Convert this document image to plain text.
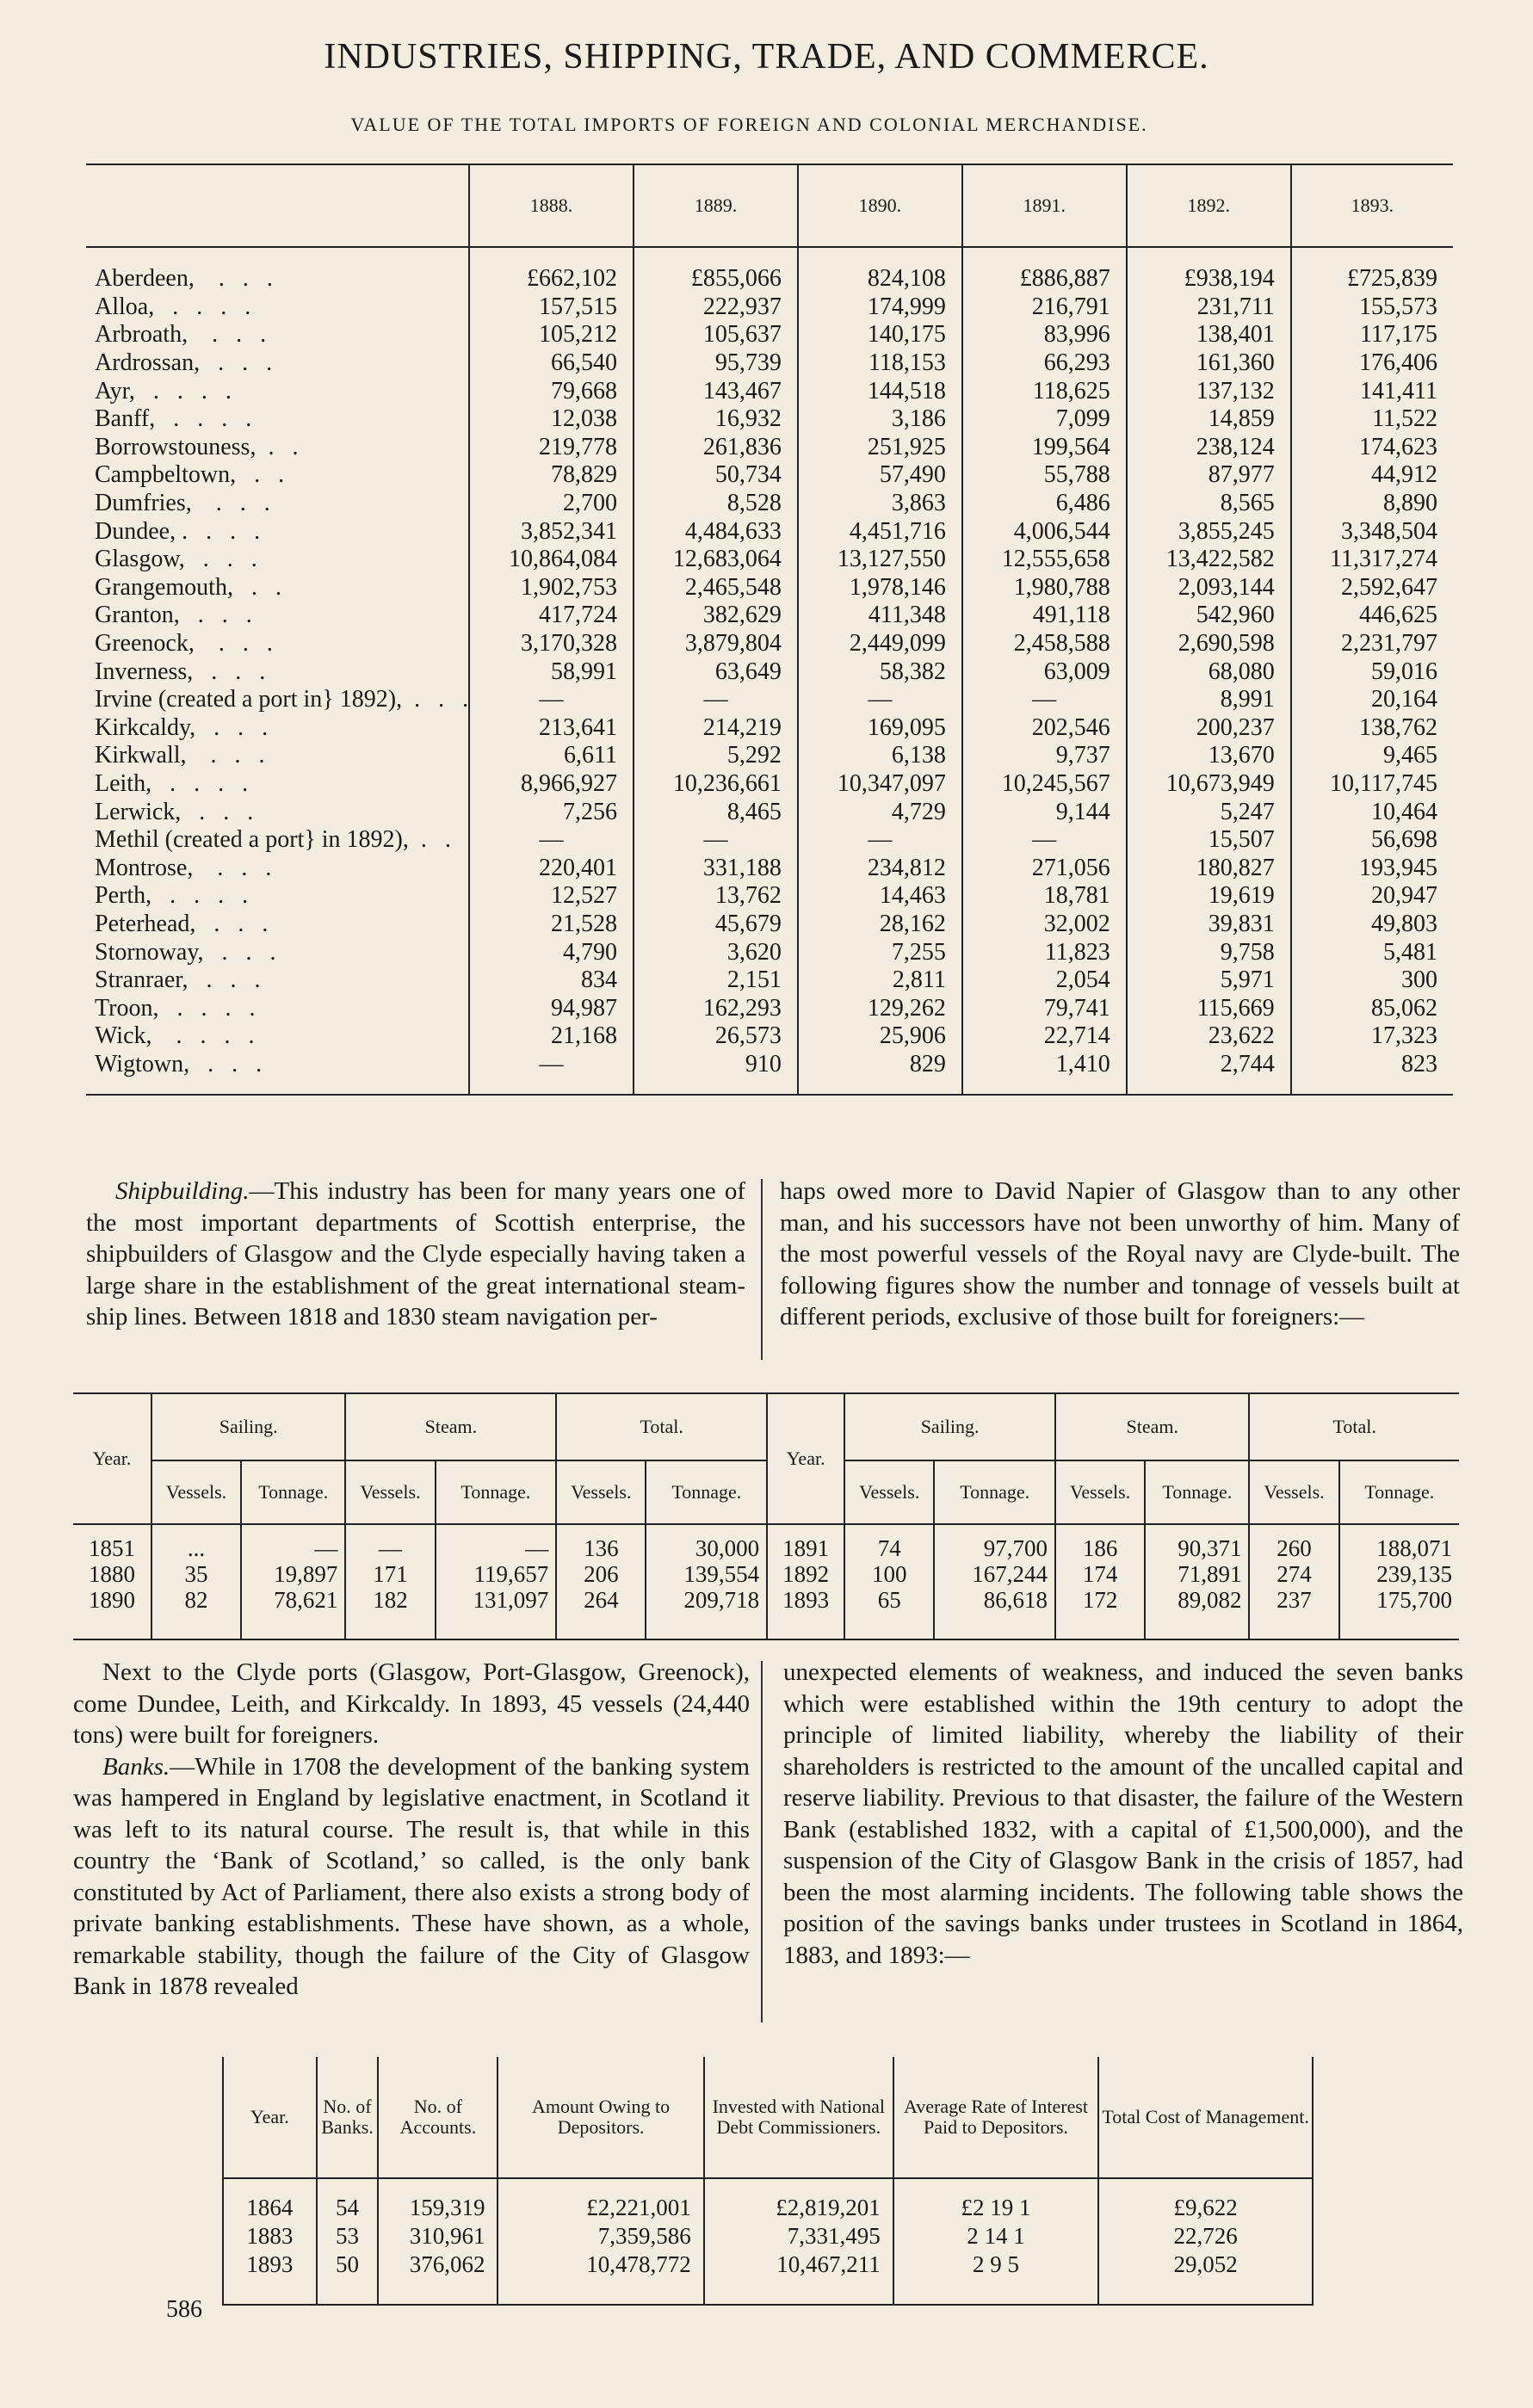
INDUSTRIES, SHIPPING, TRADE, AND COMMERCE.
VALUE OF THE TOTAL IMPORTS OF FOREIGN AND COLONIAL MERCHANDISE.
	1888.	1889.	1890.	1891.	1892.	1893.
Aberdeen,    .   .   .	£662,102	£855,066	824,108	£886,887	£938,194	£725,839
Alloa,   .   .   .   .	157,515	222,937	174,999	216,791	231,711	155,573
Arbroath,    .   .   .	105,212	105,637	140,175	83,996	138,401	117,175
Ardrossan,   .   .   .	66,540	95,739	118,153	66,293	161,360	176,406
Ayr,   .   .   .   .	79,668	143,467	144,518	118,625	137,132	141,411
Banff,   .   .   .   .	12,038	16,932	3,186	7,099	14,859	11,522
Borrowstouness,  .   .	219,778	261,836	251,925	199,564	238,124	174,623
Campbeltown,   .   .	78,829	50,734	57,490	55,788	87,977	44,912
Dumfries,    .   .   .	2,700	8,528	3,863	6,486	8,565	8,890
Dundee, .   .   .   .	3,852,341	4,484,633	4,451,716	4,006,544	3,855,245	3,348,504
Glasgow,   .   .   .	10,864,084	12,683,064	13,127,550	12,555,658	13,422,582	11,317,274
Grangemouth,   .   .	1,902,753	2,465,548	1,978,146	1,980,788	2,093,144	2,592,647
Granton,   .   .   .	417,724	382,629	411,348	491,118	542,960	446,625
Greenock,    .   .   .	3,170,328	3,879,804	2,449,099	2,458,588	2,690,598	2,231,797
Inverness,   .   .   .	58,991	63,649	58,382	63,009	68,080	59,016
Irvine (created a port in} 1892),  .   .   .	—	—	—	—	8,991	20,164
Kirkcaldy,   .   .   .	213,641	214,219	169,095	202,546	200,237	138,762
Kirkwall,    .   .   .	6,611	5,292	6,138	9,737	13,670	9,465
Leith,   .   .   .   .	8,966,927	10,236,661	10,347,097	10,245,567	10,673,949	10,117,745
Lerwick,   .   .   .	7,256	8,465	4,729	9,144	5,247	10,464
Methil (created a port} in 1892),  .   .	—	—	—	—	15,507	56,698
Montrose,    .   .   .	220,401	331,188	234,812	271,056	180,827	193,945
Perth,   .   .   .   .	12,527	13,762	14,463	18,781	19,619	20,947
Peterhead,   .   .   .	21,528	45,679	28,162	32,002	39,831	49,803
Stornoway,   .   .   .	4,790	3,620	7,255	11,823	9,758	5,481
Stranraer,   .   .   .	834	2,151	2,811	2,054	5,971	300
Troon,   .   .   .   .	94,987	162,293	129,262	79,741	115,669	85,062
Wick,    .   .   .   .	21,168	26,573	25,906	22,714	23,622	17,323
Wigtown,   .   .   .	—	910	829	1,410	2,744	823

Shipbuilding.—This industry has been for many years one of the most important departments of Scottish enterprise, the shipbuilders of Glasgow and the Clyde especially having taken a large share in the establishment of the great international steam-ship lines. Between 1818 and 1830 steam navigation per-

haps owed more to David Napier of Glasgow than to any other man, and his successors have not been unworthy of him. Many of the most powerful vessels of the Royal navy are Clyde-built. The following figures show the number and tonnage of vessels built at different periods, exclusive of those built for foreigners:—

Year.	Sailing.		Steam.		Total.		Year.	Sailing.		Steam.		Total.	
	Vessels.	Tonnage.	Vessels.	Tonnage.	Vessels.	Tonnage.		Vessels.	Tonnage.	Vessels.	Tonnage.	Vessels.	Tonnage.
1851	...	—	—	—	136	30,000	1891	74	97,700	186	90,371	260	188,071
1880	35	19,897	171	119,657	206	139,554	1892	100	167,244	174	71,891	274	239,135
1890	82	78,621	182	131,097	264	209,718	1893	65	86,618	172	89,082	237	175,700

Next to the Clyde ports (Glasgow, Port-Glasgow, Greenock), come Dundee, Leith, and Kirkcaldy. In 1893, 45 vessels (24,440 tons) were built for foreigners.

Banks.—While in 1708 the development of the banking system was hampered in England by legislative enactment, in Scotland it was left to its natural course. The result is, that while in this country the ‘Bank of Scotland,’ so called, is the only bank constituted by Act of Parliament, there also exists a strong body of private banking establishments. These have shown, as a whole, remarkable stability, though the failure of the City of Glasgow Bank in 1878 revealed

unexpected elements of weakness, and induced the seven banks which were established within the 19th century to adopt the principle of limited liability, whereby the liability of their shareholders is restricted to the amount of the uncalled capital and reserve liability. Previous to that disaster, the failure of the Western Bank (established 1832, with a capital of £1,500,000), and the suspension of the City of Glasgow Bank in the crisis of 1857, had been the most alarming incidents. The following table shows the position of the savings banks under trustees in Scotland in 1864, 1883, and 1893:—

Year.	No. of Banks.	No. of Accounts.	Amount Owing to Depositors.	Invested with National Debt Commissioners.	Average Rate of Interest Paid to Depositors.	Total Cost of Management.
1864	54	159,319	£2,221,001	£2,819,201	£2 19 1	£9,622
1883	53	310,961	7,359,586	7,331,495	2 14 1	22,726
1893	50	376,062	10,478,772	10,467,211	2 9 5	29,052
586
